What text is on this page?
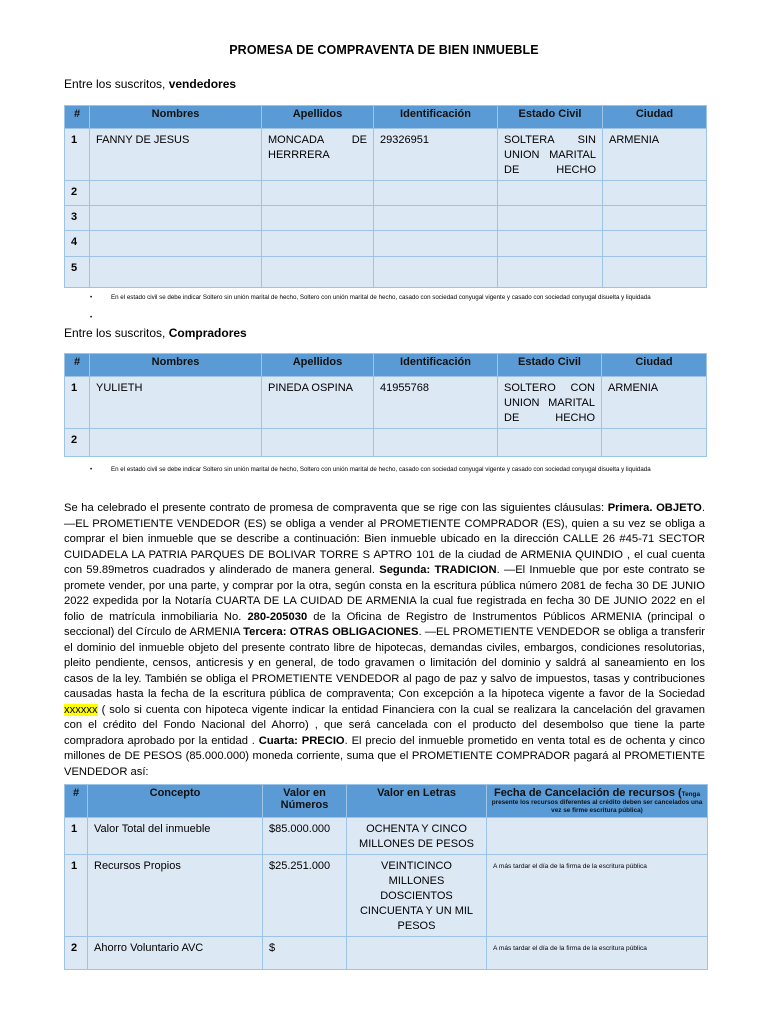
PROMESA DE COMPRAVENTA DE BIEN INMUEBLE
Entre los suscritos, vendedores
#	Nombres	Apellidos	Identificación	Estado Civil	Ciudad
1	FANNY DE JESUS	MONCADA DE HERRRERA	29326951	SOLTERA SIN UNION MARITAL DE HECHO	ARMENIA
2					
3					
4					
5					
•	En el estado civil se debe indicar Soltero sin unión marital de hecho, Soltero con unión marital de hecho, casado con sociedad conyugal vigente y casado con sociedad conyugal disuelta y liquidada
•
Entre los suscritos, Compradores
#	Nombres	Apellidos	Identificación	Estado Civil	Ciudad
1	YULIETH	PINEDA OSPINA	41955768	SOLTERO CON UNION MARITAL DE HECHO	ARMENIA
2					
•	En el estado civil se debe indicar Soltero sin unión marital de hecho, Soltero con unión marital de hecho, casado con sociedad conyugal vigente y casado con sociedad conyugal disuelta y liquidada
Se ha celebrado el presente contrato de promesa de compraventa que se rige con las siguientes cláusulas: Primera. OBJETO. —EL PROMETIENTE VENDEDOR (ES) se obliga a vender al PROMETIENTE COMPRADOR (ES), quien a su vez se obliga a comprar el bien inmueble que se describe a continuación: Bien inmueble ubicado en la dirección CALLE 26 #45-71 SECTOR CUIDADELA LA PATRIA PARQUES DE BOLIVAR TORRE S APTRO 101 de la ciudad de ARMENIA QUINDIO , el cual cuenta con 59.89metros cuadrados y alinderado de manera general. Segunda: TRADICION. —El Inmueble que por este contrato se promete vender, por una parte, y comprar por la otra, según consta en la escritura pública número 2081 de fecha 30 DE JUNIO 2022 expedida por la Notaría CUARTA DE LA CUIDAD DE ARMENIA la cual fue registrada en fecha 30 DE JUNIO 2022 en el folio de matrícula inmobiliaria No. 280-205030 de la Oficina de Registro de Instrumentos Públicos ARMENIA (principal o seccional) del Círculo de ARMENIA Tercera: OTRAS OBLIGACIONES. —EL PROMETIENTE VENDEDOR se obliga a transferir el dominio del inmueble objeto del presente contrato libre de hipotecas, demandas civiles, embargos, condiciones resolutorias, pleito pendiente, censos, anticresis y en general, de todo gravamen o limitación del dominio y saldrá al saneamiento en los casos de la ley. También se obliga el PROMETIENTE VENDEDOR al pago de paz y salvo de impuestos, tasas y contribuciones causadas hasta la fecha de la escritura pública de compraventa; Con excepción a la hipoteca vigente a favor de la Sociedad xxxxxx ( solo si cuenta con hipoteca vigente indicar la entidad Financiera con la cual se realizara la cancelación del gravamen con el crédito del Fondo Nacional del Ahorro) , que será cancelada con el producto del desembolso que tiene la parte compradora aprobado por la entidad . Cuarta: PRECIO. El precio del inmueble prometido en venta total es de ochenta y cinco millones de DE PESOS (85.000.000) moneda corriente, suma que el PROMETIENTE COMPRADOR pagará al PROMETIENTE VENDEDOR así:
#	Concepto	Valor en Números	Valor en Letras	Fecha de Cancelación de recursos (Tenga
presente los recursos diferentes al crédito deben ser cancelados una vez se firme escritura pública)

1	Valor Total del inmueble	$85.000.000	OCHENTA Y CINCO MILLONES DE PESOS	
1	Recursos Propios	$25.251.000	VEINTICINCO MILLONES DOSCIENTOS CINCUENTA Y UN MIL PESOS	A más tardar el día de la firma de la escritura pública
2	Ahorro Voluntario AVC	$		A más tardar el día de la firma de la escritura pública
